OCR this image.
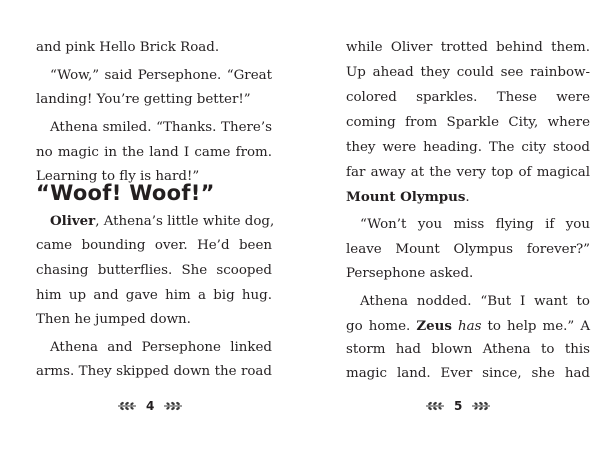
and pink Hello Brick Road.

“Wow,” said Persephone. “Great

landing! You’re getting better!”

Athena smiled. “Thanks. There’s

no magic in the land I came from.

Learning to fly is hard!”

“Woof! Woof!”

Oliver, Athena’s little white dog,

came bounding over. He’d been

chasing butterflies. She scooped

him up and gave him a big hug.

Then he jumped down.

Athena and Persephone linked

arms. They skipped down the road

4

while Oliver trotted behind them.

Up ahead they could see rainbow-

colored sparkles. These were

coming from Sparkle City, where

they were heading. The city stood

far away at the very top of magical

Mount Olympus.

“Won’t you miss flying if you

leave Mount Olympus forever?”

Persephone asked.

Athena nodded. “But I want to

go home. Zeus has to help me.” A

storm had blown Athena to this

magic land. Ever since, she had

5
